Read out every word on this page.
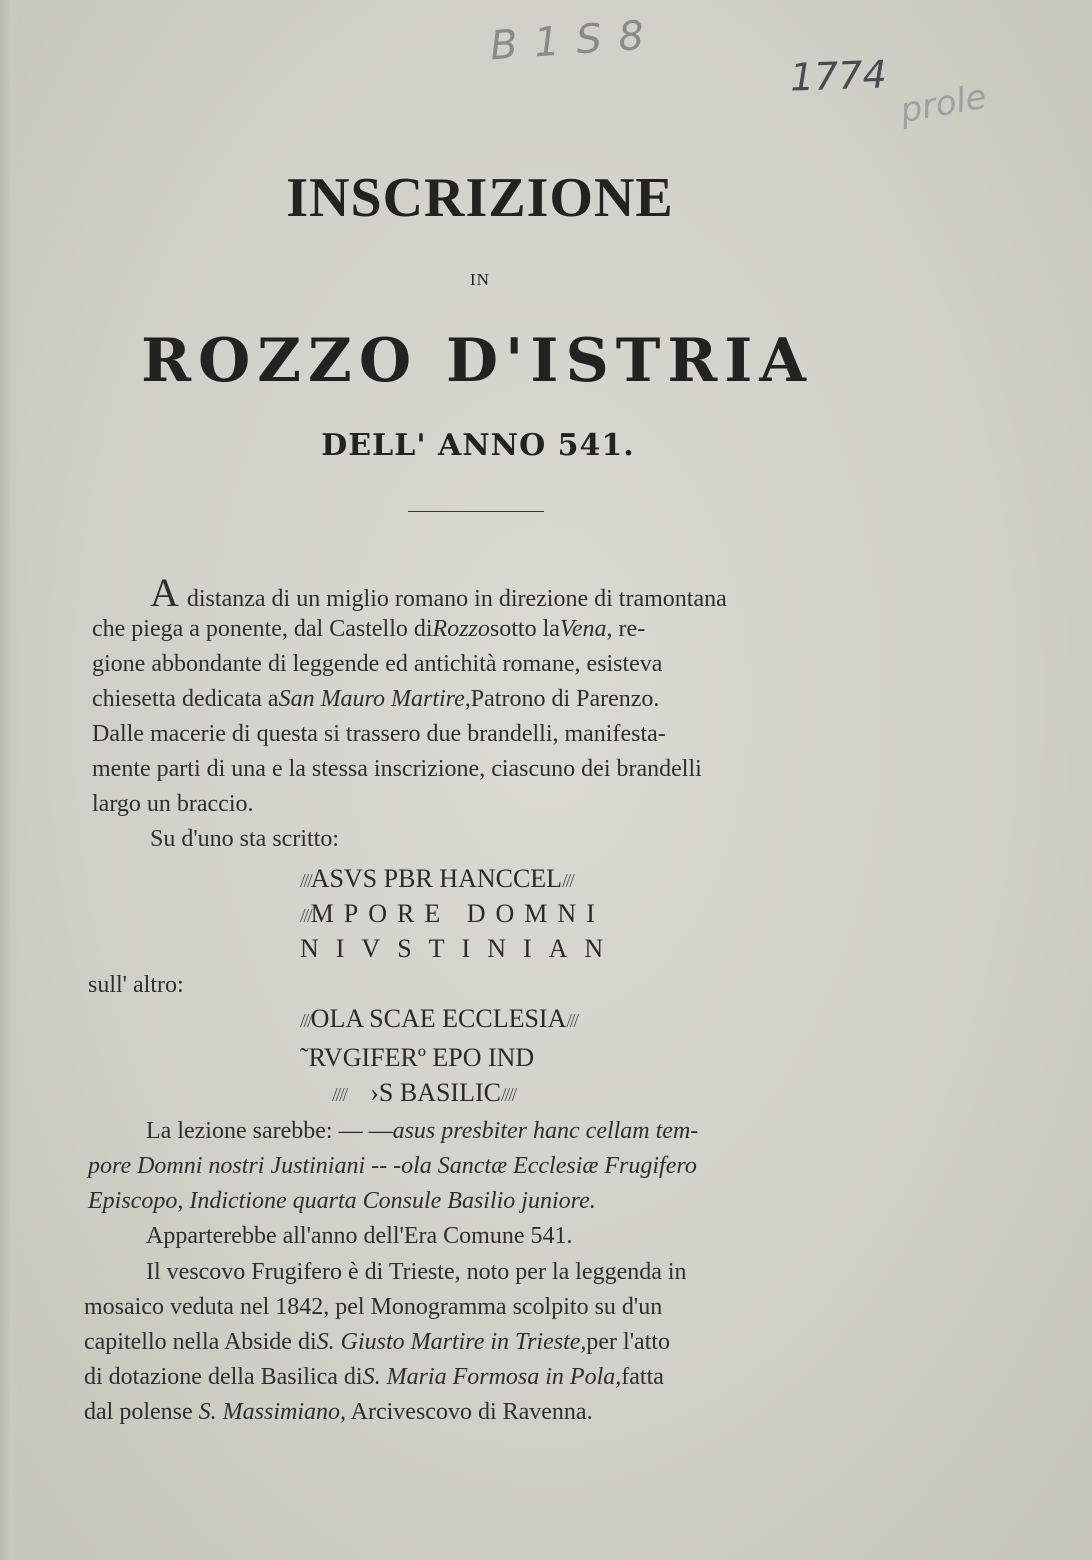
B 1 S 8
1774
prole
INSCRIZIONE
IN
ROZZO D'ISTRIA
DELL' ANNO 541.
A distanza di un miglio romano in direzione di tramontana
che piega a ponente, dal Castello diRozzosotto laVena, re-
gione abbondante di leggende ed antichità romane, esisteva
chiesetta dedicata aSan Mauro Martire,Patrono di Parenzo.
Dalle macerie di questa si trassero due brandelli, manifesta-
mente parti di una e la stessa inscrizione, ciascuno dei brandelli
largo un braccio.
Su d'uno sta scritto:
///ASVS PBR HANCCEL///
///MPORE DOMNI
NIVSTINIAN
sull' altro:
///OLA SCAE ECCLESIA///
˜RVGIFERº EPO IND
//// ›S BASILIC////
La lezione sarebbe: — —asus presbiter hanc cellam tem-
pore Domni nostri Justiniani -- -ola Sanctæ Ecclesiæ Frugifero
Episcopo, Indictione quarta Consule Basilio juniore.
Apparterebbe all'anno dell'Era Comune 541.
Il vescovo Frugifero è di Trieste, noto per la leggenda in
mosaico veduta nel 1842, pel Monogramma scolpito su d'un
capitello nella Abside diS. Giusto Martire in Trieste,per l'atto
di dotazione della Basilica diS. Maria Formosa in Pola,fatta
dal polense S. Massimiano, Arcivescovo di Ravenna.
